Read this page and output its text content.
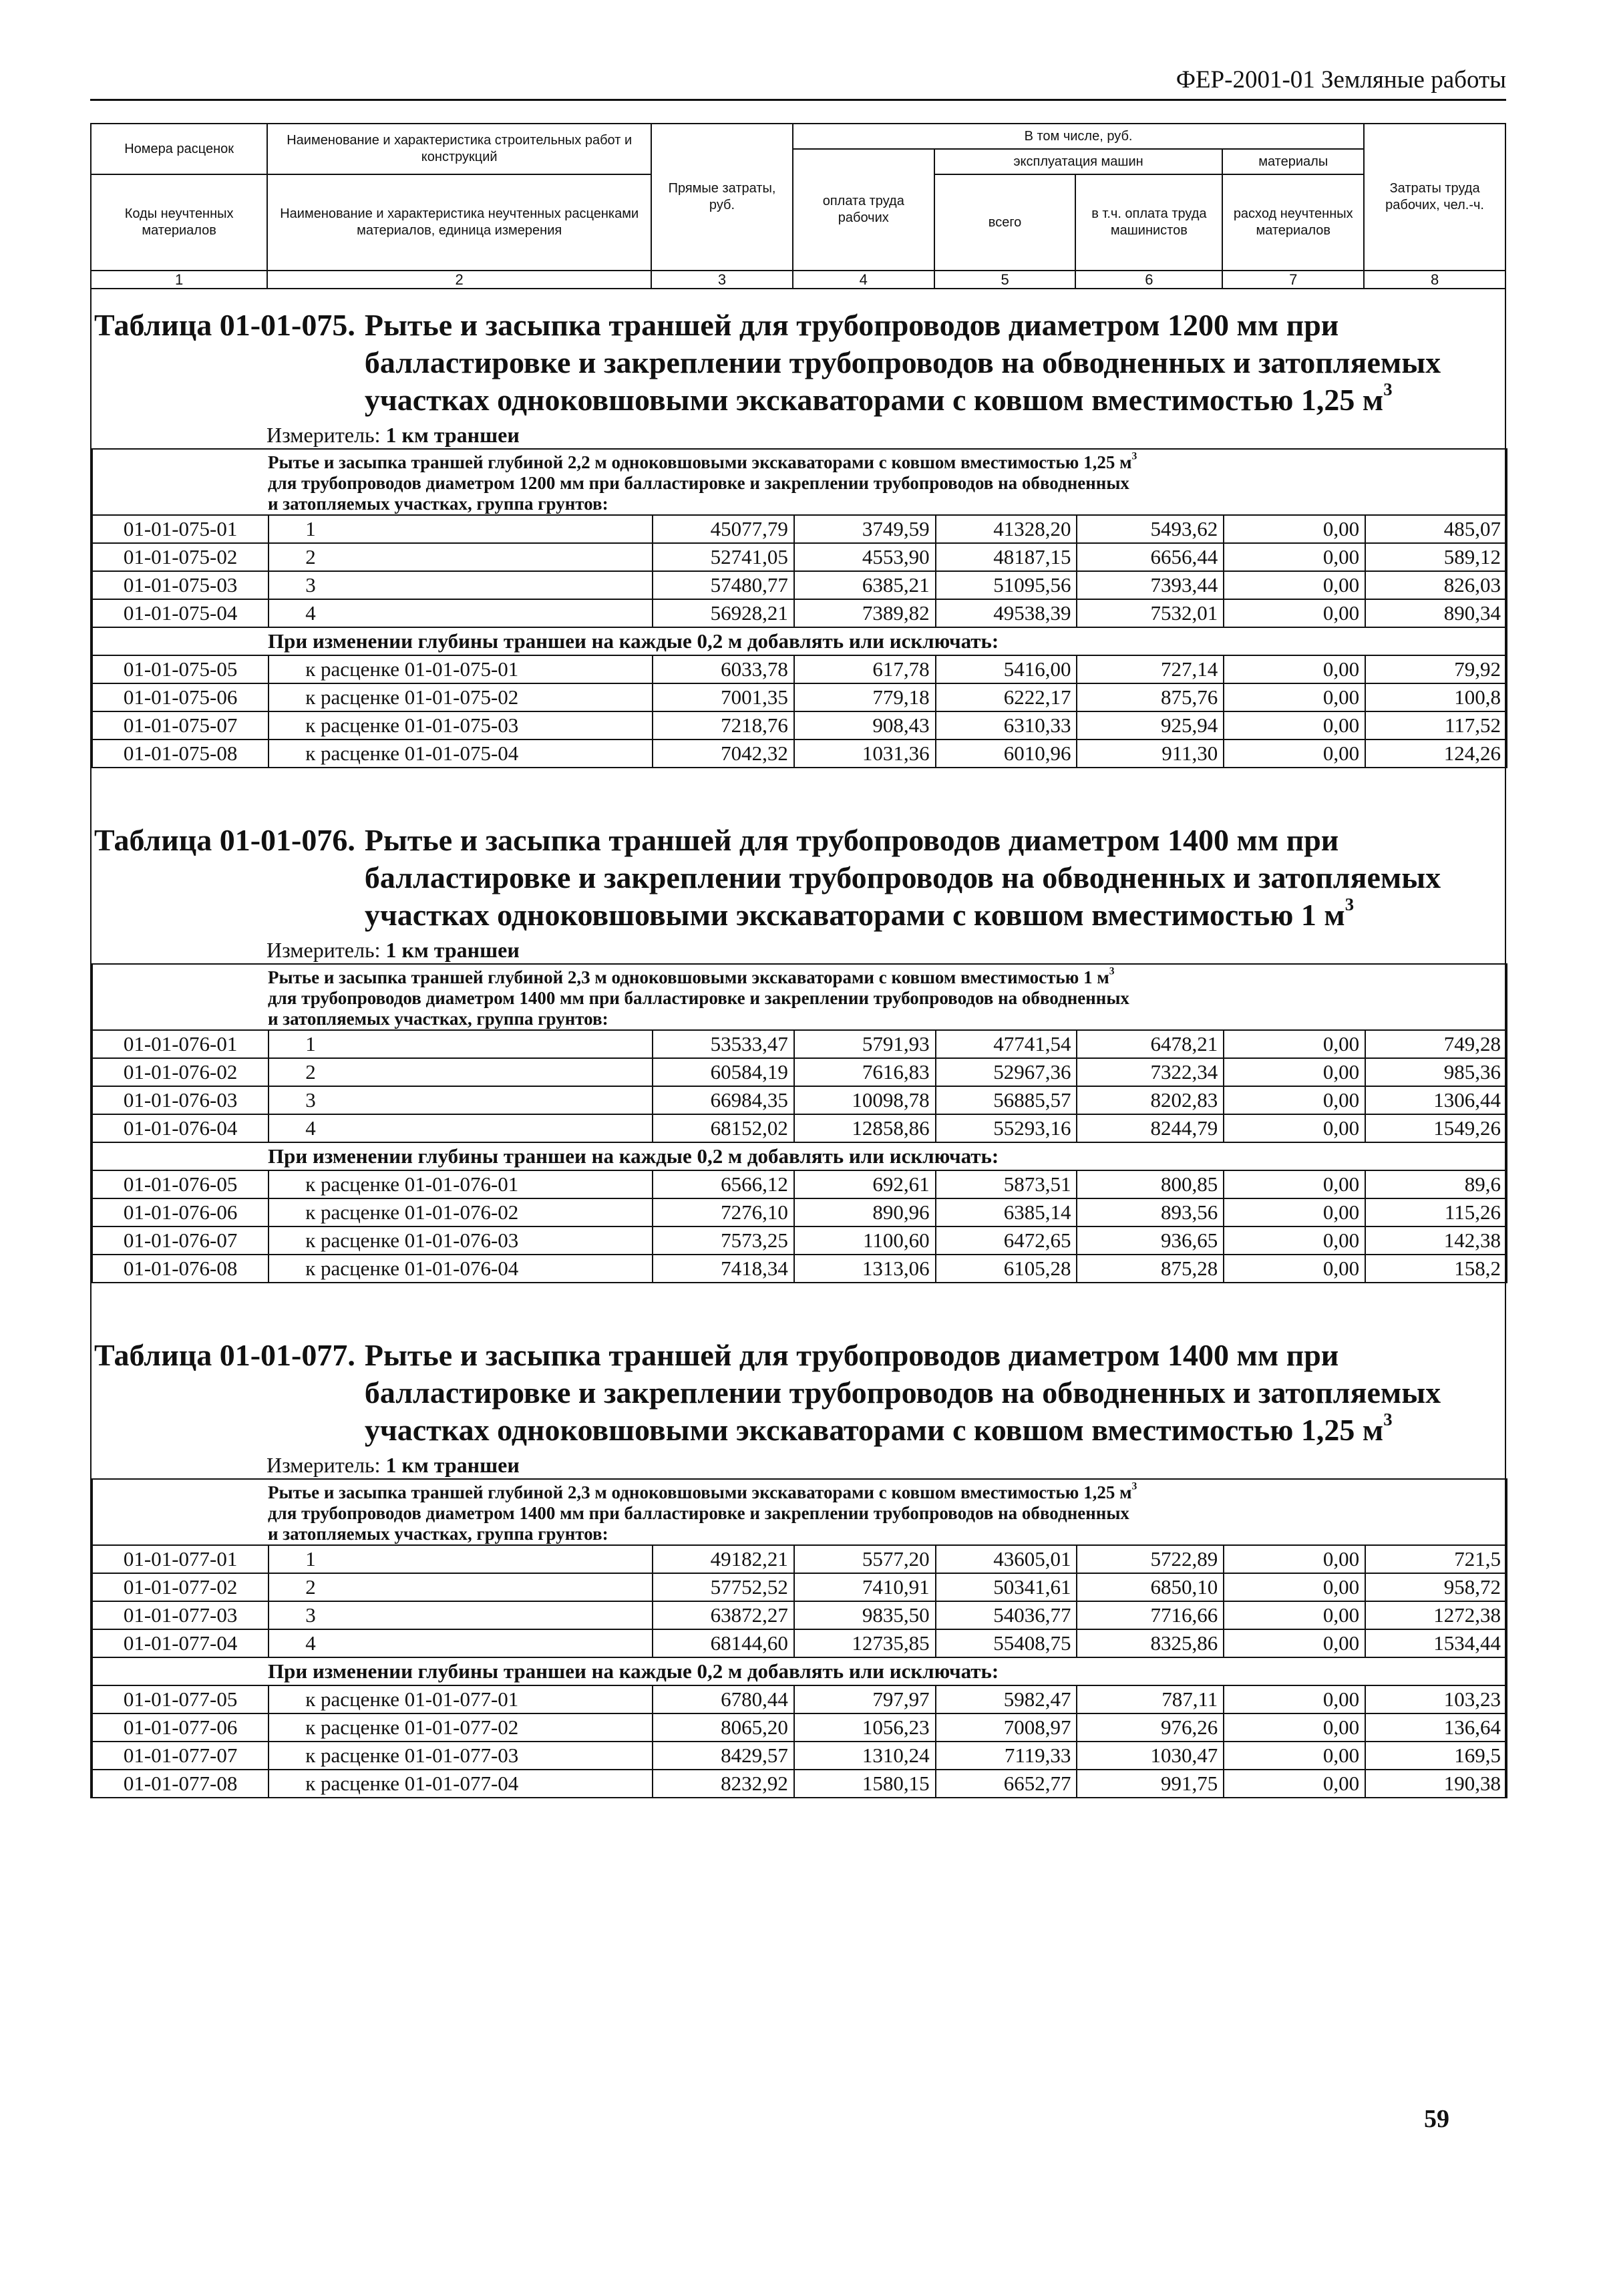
ФЕР-2001-01 Земляные работы
Номера расценок	Наименование и характеристика строительных работ и конструкций	Прямые затраты, руб.	В том числе, руб.				Затраты труда рабочих, чел.-ч.
			оплата труда рабочих	эксплуатация машин		материалы	
Коды неучтенных материалов	Наименование и характеристика неучтенных расценками материалов, единица измерения			всего	в т.ч. оплата труда машинистов	расход неучтенных материалов	

1	2	3	4	5	6	7	8
Таблица 01-01-075. Рытье и засыпка траншей для трубопроводов диаметром 1200 мм при балластировке и закреплении трубопроводов на обводненных и затопляемых участках одноковшовыми экскаваторами с ковшом вместимостью 1,25 $м^3$
Измеритель: 1 км траншеи
Рытье и засыпка траншей глубиной 2,2 м одноковшовыми экскаваторами с ковшом вместимостью 1,25 $м^3$
для трубопроводов диаметром 1200 мм при балластировке и закреплении трубопроводов на обводненных
и затопляемых участках, группа грунтов:							

01-01-075-01	1	45077,79	3749,59	41328,20	5493,62	0,00	485,07
01-01-075-02	2	52741,05	4553,90	48187,15	6656,44	0,00	589,12
01-01-075-03	3	57480,77	6385,21	51095,56	7393,44	0,00	826,03
01-01-075-04	4	56928,21	7389,82	49538,39	7532,01	0,00	890,34
При изменении глубины траншеи на каждые 0,2 м добавлять или исключать:							
01-01-075-05	к расценке 01-01-075-01	6033,78	617,78	5416,00	727,14	0,00	79,92
01-01-075-06	к расценке 01-01-075-02	7001,35	779,18	6222,17	875,76	0,00	100,8
01-01-075-07	к расценке 01-01-075-03	7218,76	908,43	6310,33	925,94	0,00	117,52
01-01-075-08	к расценке 01-01-075-04	7042,32	1031,36	6010,96	911,30	0,00	124,26
Таблица 01-01-076. Рытье и засыпка траншей для трубопроводов диаметром 1400 мм при балластировке и закреплении трубопроводов на обводненных и затопляемых участках одноковшовыми экскаваторами с ковшом вместимостью 1 $м^3$
Измеритель: 1 км траншеи
Рытье и засыпка траншей глубиной 2,3 м одноковшовыми экскаваторами с ковшом вместимостью 1 $м^3$
для трубопроводов диаметром 1400 мм при балластировке и закреплении трубопроводов на обводненных
и затопляемых участках, группа грунтов:							

01-01-076-01	1	53533,47	5791,93	47741,54	6478,21	0,00	749,28
01-01-076-02	2	60584,19	7616,83	52967,36	7322,34	0,00	985,36
01-01-076-03	3	66984,35	10098,78	56885,57	8202,83	0,00	1306,44
01-01-076-04	4	68152,02	12858,86	55293,16	8244,79	0,00	1549,26
При изменении глубины траншеи на каждые 0,2 м добавлять или исключать:							
01-01-076-05	к расценке 01-01-076-01	6566,12	692,61	5873,51	800,85	0,00	89,6
01-01-076-06	к расценке 01-01-076-02	7276,10	890,96	6385,14	893,56	0,00	115,26
01-01-076-07	к расценке 01-01-076-03	7573,25	1100,60	6472,65	936,65	0,00	142,38
01-01-076-08	к расценке 01-01-076-04	7418,34	1313,06	6105,28	875,28	0,00	158,2
Таблица 01-01-077. Рытье и засыпка траншей для трубопроводов диаметром 1400 мм при балластировке и закреплении трубопроводов на обводненных и затопляемых участках одноковшовыми экскаваторами с ковшом вместимостью 1,25 $м^3$
Измеритель: 1 км траншеи
Рытье и засыпка траншей глубиной 2,3 м одноковшовыми экскаваторами с ковшом вместимостью 1,25 $м^3$
для трубопроводов диаметром 1400 мм при балластировке и закреплении трубопроводов на обводненных
и затопляемых участках, группа грунтов:							

01-01-077-01	1	49182,21	5577,20	43605,01	5722,89	0,00	721,5
01-01-077-02	2	57752,52	7410,91	50341,61	6850,10	0,00	958,72
01-01-077-03	3	63872,27	9835,50	54036,77	7716,66	0,00	1272,38
01-01-077-04	4	68144,60	12735,85	55408,75	8325,86	0,00	1534,44
При изменении глубины траншеи на каждые 0,2 м добавлять или исключать:							
01-01-077-05	к расценке 01-01-077-01	6780,44	797,97	5982,47	787,11	0,00	103,23
01-01-077-06	к расценке 01-01-077-02	8065,20	1056,23	7008,97	976,26	0,00	136,64
01-01-077-07	к расценке 01-01-077-03	8429,57	1310,24	7119,33	1030,47	0,00	169,5
01-01-077-08	к расценке 01-01-077-04	8232,92	1580,15	6652,77	991,75	0,00	190,38
59
